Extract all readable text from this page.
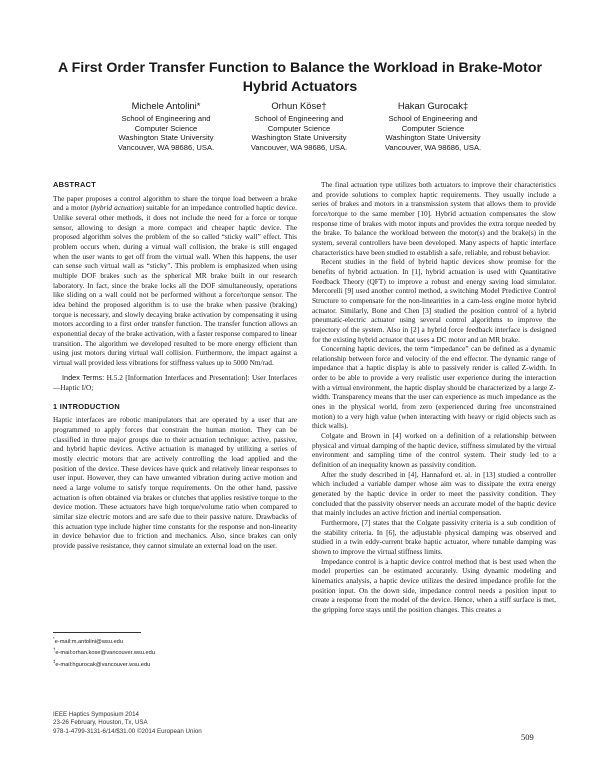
A First Order Transfer Function to Balance the Workload in Brake-Motor Hybrid Actuators
Michele Antolini*
School of Engineering and
Computer Science
Washington State University
Vancouver, WA 98686, USA.
Orhun Köse†
School of Engineering and
Computer Science
Washington State University
Vancouver, WA 98686, USA.
Hakan Gurocak‡
School of Engineering and
Computer Science
Washington State University
Vancouver, WA 98686, USA.
ABSTRACT

The paper proposes a control algorithm to share the torque load between a brake and a motor (hybrid actuation) suitable for an impedance controlled haptic device. Unlike several other methods, it does not include the need for a force or torque sensor, allowing to design a more compact and cheaper haptic device. The proposed algorithm solves the problem of the so called “sticky wall” effect. This problem occurs when, during a virtual wall collision, the brake is still engaged when the user wants to get off from the virtual wall. When this happens, the user can sense such virtual wall as “sticky”. This problem is emphasized when using multiple DOF brakes such as the spherical MR brake built in our research laboratory. In fact, since the brake locks all the DOF simultaneously, operations like sliding on a wall could not be performed without a force/torque sensor. The idea behind the proposed algorithm is to use the brake when passive (braking) torque is necessary, and slowly decaying brake activation by compensating it using motors according to a first order transfer function. The transfer function allows an exponential decay of the brake activation, with a faster response compared to linear transition. The algorithm we developed resulted to be more energy efficient than using just motors during virtual wall collision. Furthermore, the impact against a virtual wall provided less vibrations for stiffness values up to 5000 Nm/rad.

Index Terms: H.5.2 [Information Interfaces and Presentation]: User Interfaces—Haptic I/O;

1 INTRODUCTION

Haptic interfaces are robotic manipulators that are operated by a user that are programmed to apply forces that constrain the human motion. They can be classified in three major groups due to their actuation technique: active, passive, and hybrid haptic devices. Active actuation is managed by utilizing a series of mostly electric motors that are actively controlling the load applied and the position of the device. These devices have quick and relatively linear responses to user input. However, they can have unwanted vibration during active motion and need a large volume to satisfy torque requirements. On the other hand, passive actuation is often obtained via brakes or clutches that applies resistive torque to the device motion. These actuators have high torque/volume ratio when compared to similar size electric motors and are safe due to their passive nature. Drawbacks of this actuation type include higher time constants for the response and non-linearity in device behavior due to friction and mechanics. Also, since brakes can only provide passive resistance, they cannot simulate an external load on the user.

*e-mail:m.antolini@wsu.edu
†e-mail:orhan.kose@vancouver.wsu.edu
‡e-mail:hgurocak@vancouver.wsu.edu
IEEE Haptics Symposium 2014
23-26 February, Houston, Tx, USA
978-1-4799-3131-6/14/$31.00 ©2014 European Union

The final actuation type utilizes both actuators to improve their characteristics and provide solutions to complex haptic requirements. They usually include a series of brakes and motors in a transmission system that allows them to provide force/torque to the same member [10]. Hybrid actuation compensates the slow response time of brakes with motor inputs and provides the extra torque needed by the brake. To balance the workload between the motor(s) and the brake(s) in the system, several controllers have been developed. Many aspects of haptic interface characteristics have been studied to establish a safe, reliable, and robust behavior.

Recent studies in the field of hybrid haptic devices show promise for the benefits of hybrid actuation. In [1], hybrid actuation is used with Quantitative Feedback Theory (QFT) to improve a robust and energy saving load simulator. Mercorelli [9] used another control method, a switching Model Predictive Control Structure to compensate for the non-linearities in a cam-less engine motor hybrid actuator. Similarly, Bone and Chen [3] studied the position control of a hybrid pneumatic-electric actuator using several control algorithms to improve the trajectory of the system. Also in [2] a hybrid force feedback interface is designed for the existing hybrid actuator that uses a DC motor and an MR brake.

Concerning haptic devices, the term “impedance” can be defined as a dynamic relationship between force and velocity of the end effector. The dynamic range of impedance that a haptic display is able to passively render is called Z-width. In order to be able to provide a very realistic user experience during the interaction with a virtual environment, the haptic display should be characterized by a large Z-width. Transparency means that the user can experience as much impedance as the ones in the physical world, from zero (experienced during free unconstrained motion) to a very high value (when interacting with heavy or rigid objects such as thick walls).

Colgate and Brown in [4] worked on a definition of a relationship between physical and virtual damping of the haptic device, stiffness simulated by the virtual environment and sampling time of the control system. Their study led to a definition of an inequality known as passivity condition.

After the study described in [4], Hannaford et. al. in [13] studied a controller which included a variable damper whose aim was to dissipate the extra energy generated by the haptic device in order to meet the passivity condition. They concluded that the passivity observer needs an accurate model of the haptic device that mainly includes an active friction and inertial compensation.

Furthermore, [7] states that the Colgate passivity criteria is a sub condition of the stability criteria. In [6], the adjustable physical damping was observed and studied in a twin eddy-current brake haptic actuator, where tunable damping was shown to improve the virtual stiffness limits.

Impedance control is a haptic device control method that is best used when the model properties can be estimated accurately. Using dynamic modeling and kinematics analysis, a haptic device utilizes the desired impedance profile for the position input. On the down side, impedance control needs a position input to create a response from the model of the device. Hence, when a stiff surface is met, the gripping force stays until the position changes. This creates a

509
